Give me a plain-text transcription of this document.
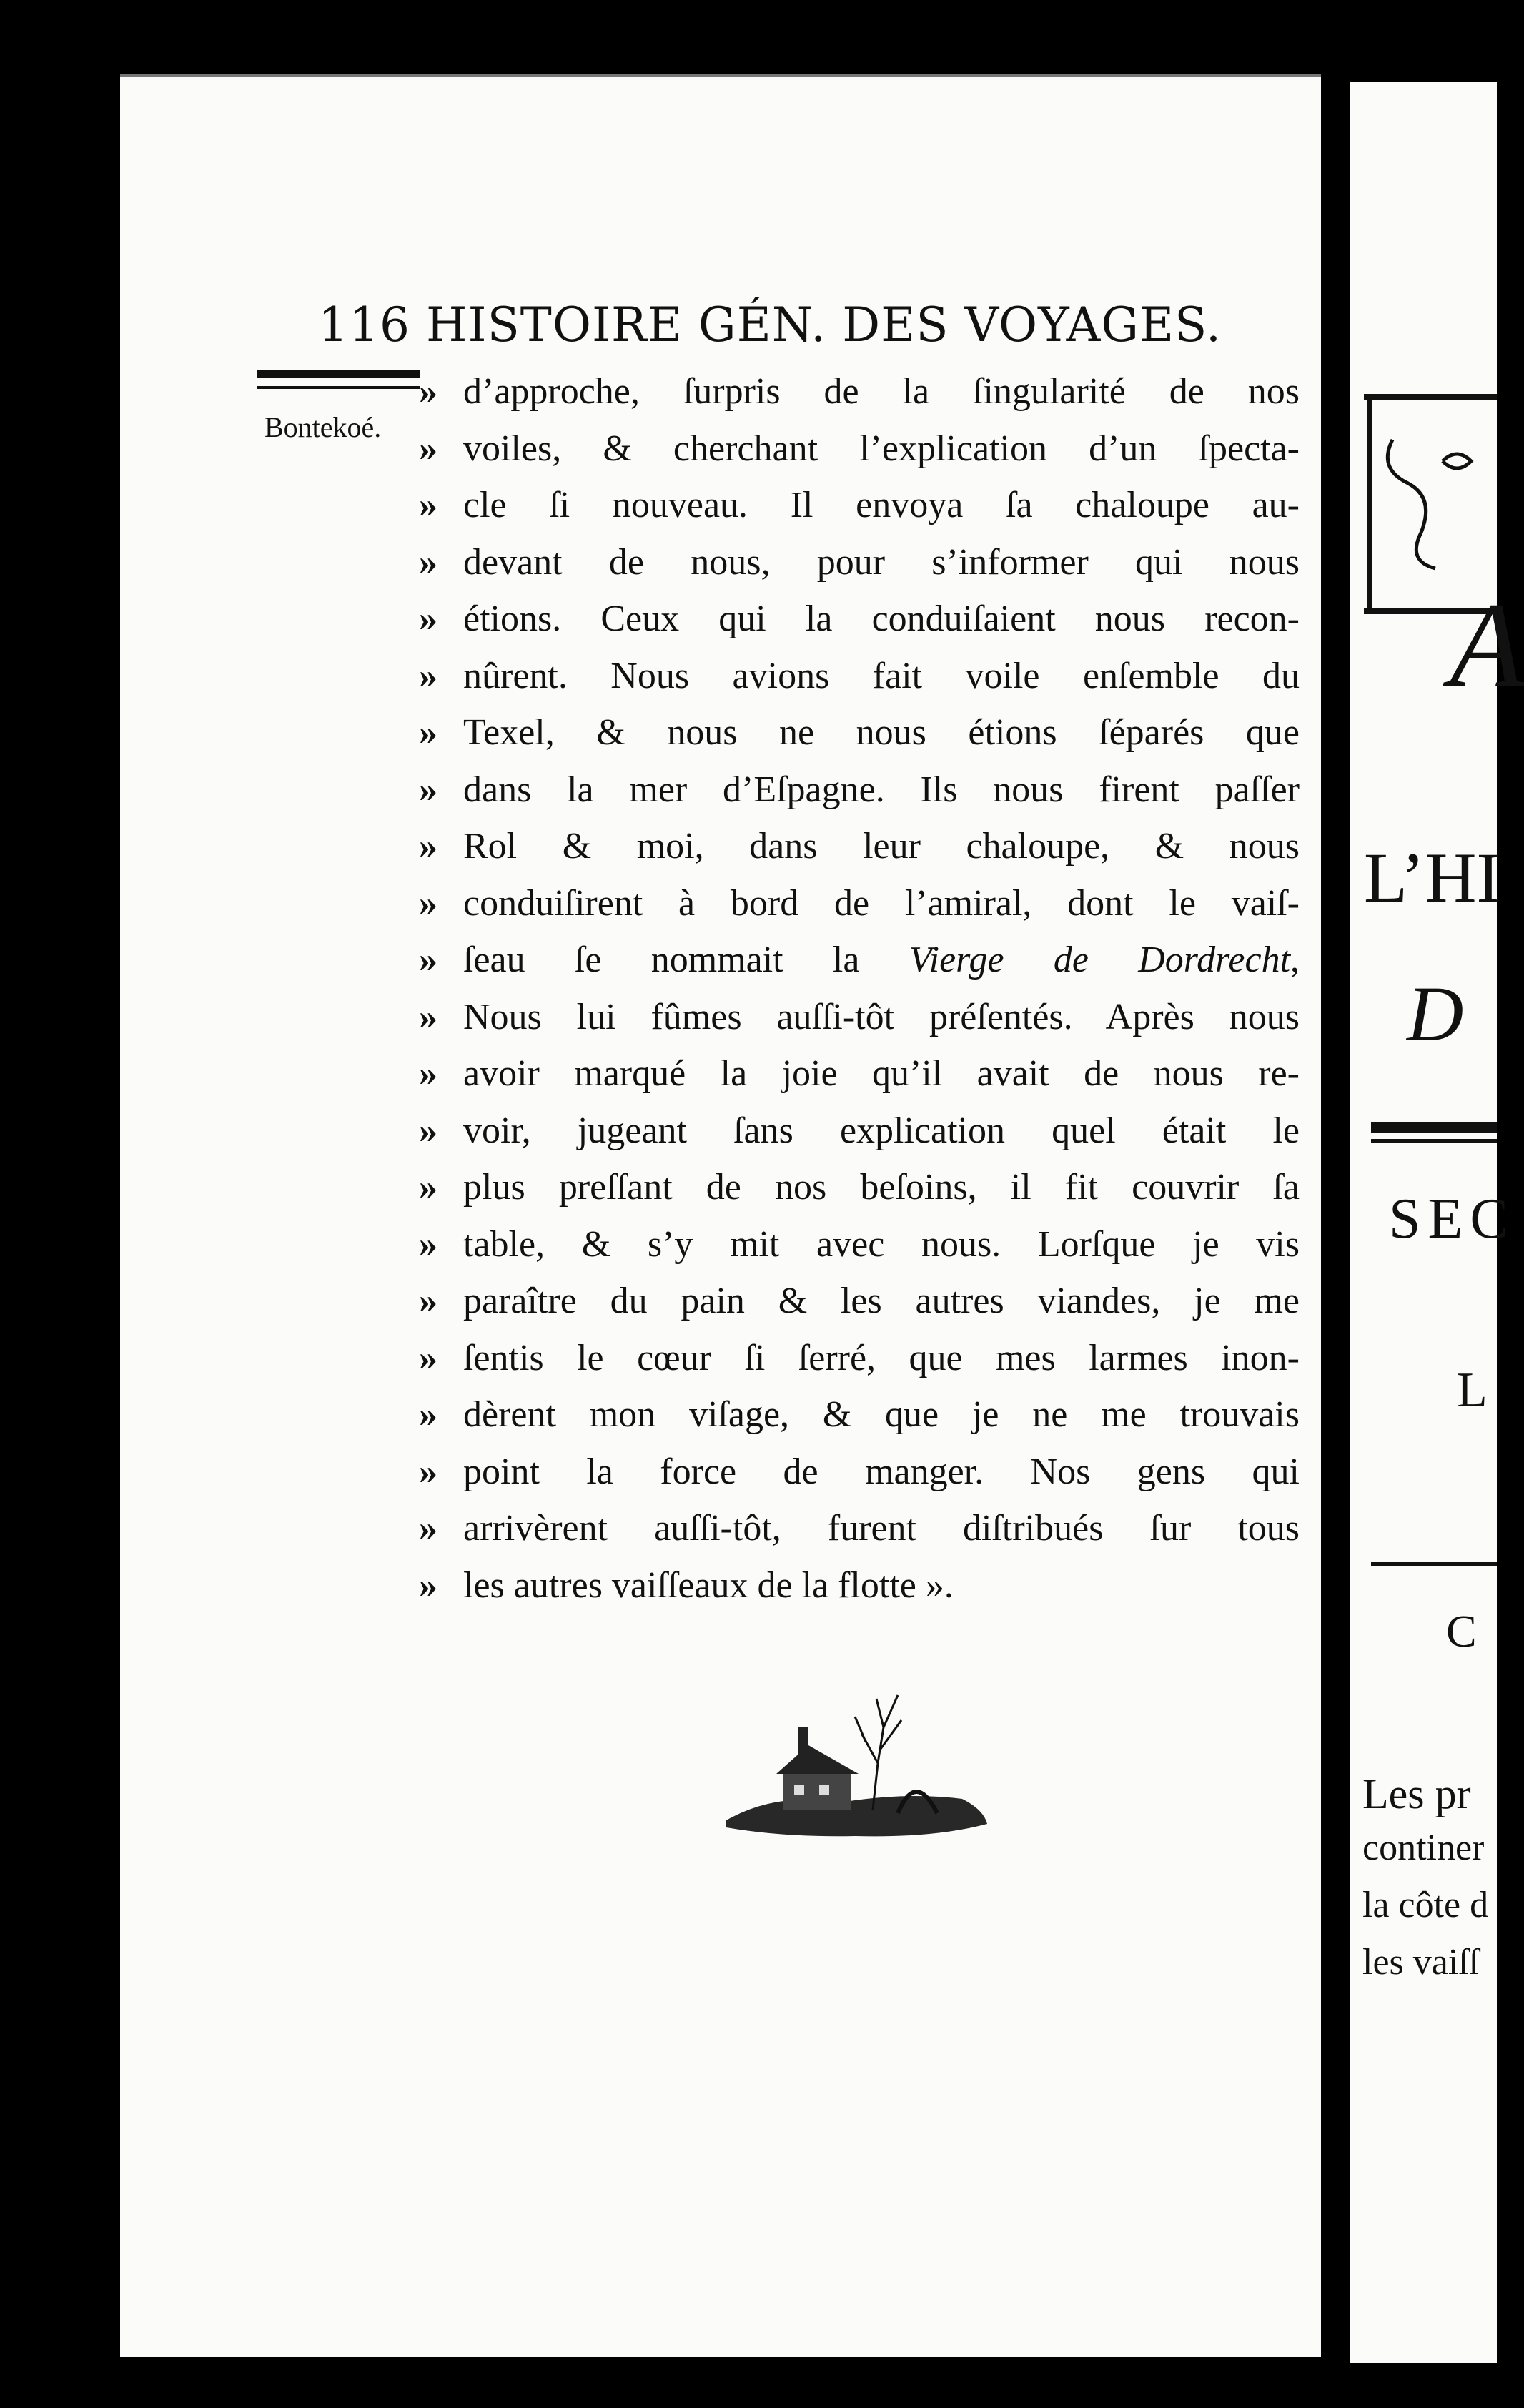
116 HISTOIRE GÉN. DES VOYAGES.
Bontekoé.
» d’approche, ſurpris de la ſingularité de nos
» voiles, & cherchant l’explication d’un ſpecta-
» cle ſi nouveau. Il envoya ſa chaloupe au-
» devant de nous, pour s’informer qui nous
» étions. Ceux qui la conduiſaient nous recon-
» nûrent. Nous avions fait voile enſemble du
» Texel, & nous ne nous étions ſéparés que
» dans la mer d’Eſpagne. Ils nous firent paſſer
» Rol & moi, dans leur chaloupe, & nous
» conduiſirent à bord de l’amiral, dont le vaiſ-
» ſeau ſe nommait la Vierge de Dordrecht,
» Nous lui fûmes auſſi-tôt préſentés. Après nous
» avoir marqué la joie qu’il avait de nous re-
» voir, jugeant ſans explication quel était le
» plus preſſant de nos beſoins, il fit couvrir ſa
» table, & s’y mit avec nous. Lorſque je vis
» paraître du pain & les autres viandes, je me
» ſentis le cœur ſi ſerré, que mes larmes inon-
» dèrent mon viſage, & que je ne me trouvais
» point la force de manger. Nos gens qui
» arrivèrent auſſi-tôt, furent diſtribués ſur tous
» les autres vaiſſeaux de la flotte ».
A
L’HI
D
SEC
L
C
Les pr
continer
la côte d
les vaiſſ
